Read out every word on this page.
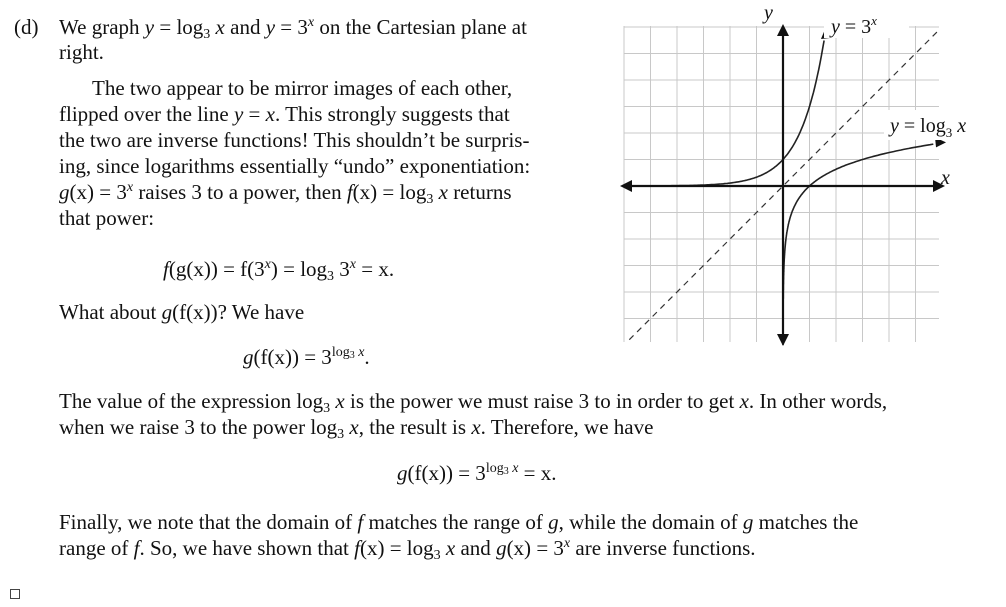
(d) We graph $y = \log_3 x$ and $y = 3^x$ on the Cartesian plane at
right.
The two appear to be mirror images of each other,
flipped over the line y = x. This strongly suggests that
the two are inverse functions! This shouldn’t be surpris-
ing, since logarithms essentially “undo” exponentiation:
$g(x) = 3^x$ raises 3 to a power, then $f(x) = \log_3 x$ returns
that power:
$f(g(x)) = f(3^x) = \log_3 3^x = x$.
What about g(f(x))? We have
$g(f(x)) = 3^{log_3 x}$.
The value of the expression $\log_3 x$ is the power we must raise 3 to in order to get x. In other words,
when we raise 3 to the power $\log_3 x$, the result is x. Therefore, we have
$g(f(x)) = 3^{log_3 x} = x$.
Finally, we note that the domain of f matches the range of g, while the domain of g matches the
range of f. So, we have shown that $f(x) = \log_3 x$ and $g(x) = 3^x$ are inverse functions.
$y = 3^x$
$y = \log_3 x$
y
x
